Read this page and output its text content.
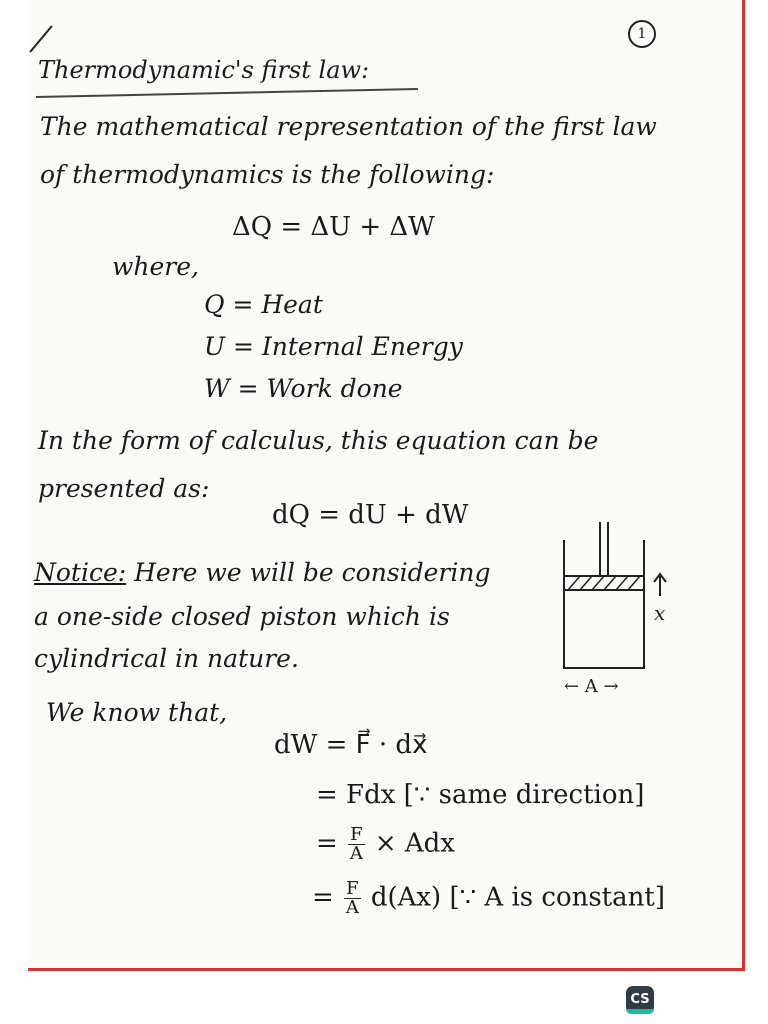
1
Thermodynamic's first law:
The mathematical representation of the first law
of thermodynamics is the following:
ΔQ = ΔU + ΔW
where,
Q = Heat
U = Internal Energy
W = Work done
In the form of calculus, this equation can be
presented as:
dQ = dU + dW
Notice: Here we will be considering
a one-side closed piston which is
cylindrical in nature.
We know that,
dW = F⃗ · dx⃗
= Fdx [∵ same direction]
= $\frac{F}{A}$ × Adx
= $\frac{F}{A} d(Ax)$ [∵ A is constant]
x
← A →
CS
